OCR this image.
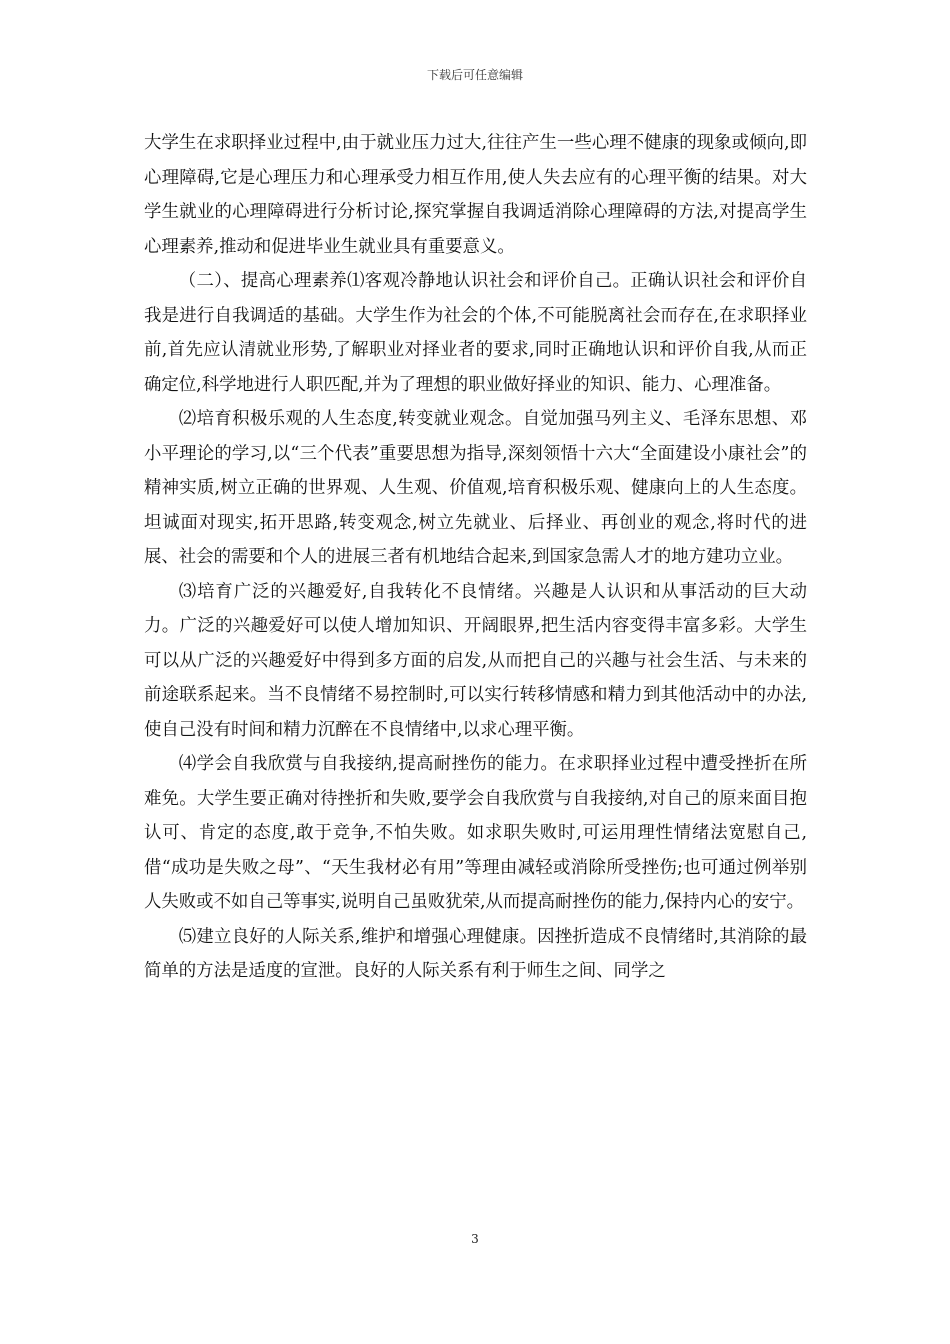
下载后可任意编辑

大学生在求职择业过程中,由于就业压力过大,往往产生一些心理不健康的现象或倾向,即心理障碍,它是心理压力和心理承受力相互作用,使人失去应有的心理平衡的结果。对大学生就业的心理障碍进行分析讨论,探究掌握自我调适消除心理障碍的方法,对提高学生心理素养,推动和促进毕业生就业具有重要意义。

（二）、提高心理素养⑴客观冷静地认识社会和评价自己。正确认识社会和评价自我是进行自我调适的基础。大学生作为社会的个体,不可能脱离社会而存在,在求职择业前,首先应认清就业形势,了解职业对择业者的要求,同时正确地认识和评价自我,从而正确定位,科学地进行人职匹配,并为了理想的职业做好择业的知识、能力、心理准备。

⑵培育积极乐观的人生态度,转变就业观念。自觉加强马列主义、毛泽东思想、邓小平理论的学习,以“三个代表”重要思想为指导,深刻领悟十六大“全面建设小康社会”的精神实质,树立正确的世界观、人生观、价值观,培育积极乐观、健康向上的人生态度。坦诚面对现实,拓开思路,转变观念,树立先就业、后择业、再创业的观念,将时代的进展、社会的需要和个人的进展三者有机地结合起来,到国家急需人才的地方建功立业。

⑶培育广泛的兴趣爱好,自我转化不良情绪。兴趣是人认识和从事活动的巨大动力。广泛的兴趣爱好可以使人增加知识、开阔眼界,把生活内容变得丰富多彩。大学生可以从广泛的兴趣爱好中得到多方面的启发,从而把自己的兴趣与社会生活、与未来的前途联系起来。当不良情绪不易控制时,可以实行转移情感和精力到其他活动中的办法,使自己没有时间和精力沉醉在不良情绪中,以求心理平衡。

⑷学会自我欣赏与自我接纳,提高耐挫伤的能力。在求职择业过程中遭受挫折在所难免。大学生要正确对待挫折和失败,要学会自我欣赏与自我接纳,对自己的原来面目抱认可、肯定的态度,敢于竞争,不怕失败。如求职失败时,可运用理性情绪法宽慰自己,借“成功是失败之母”、“天生我材必有用”等理由减轻或消除所受挫伤;也可通过例举别人失败或不如自己等事实,说明自己虽败犹荣,从而提高耐挫伤的能力,保持内心的安宁。

⑸建立良好的人际关系,维护和增强心理健康。因挫折造成不良情绪时,其消除的最简单的方法是适度的宣泄。良好的人际关系有利于师生之间、同学之

3
